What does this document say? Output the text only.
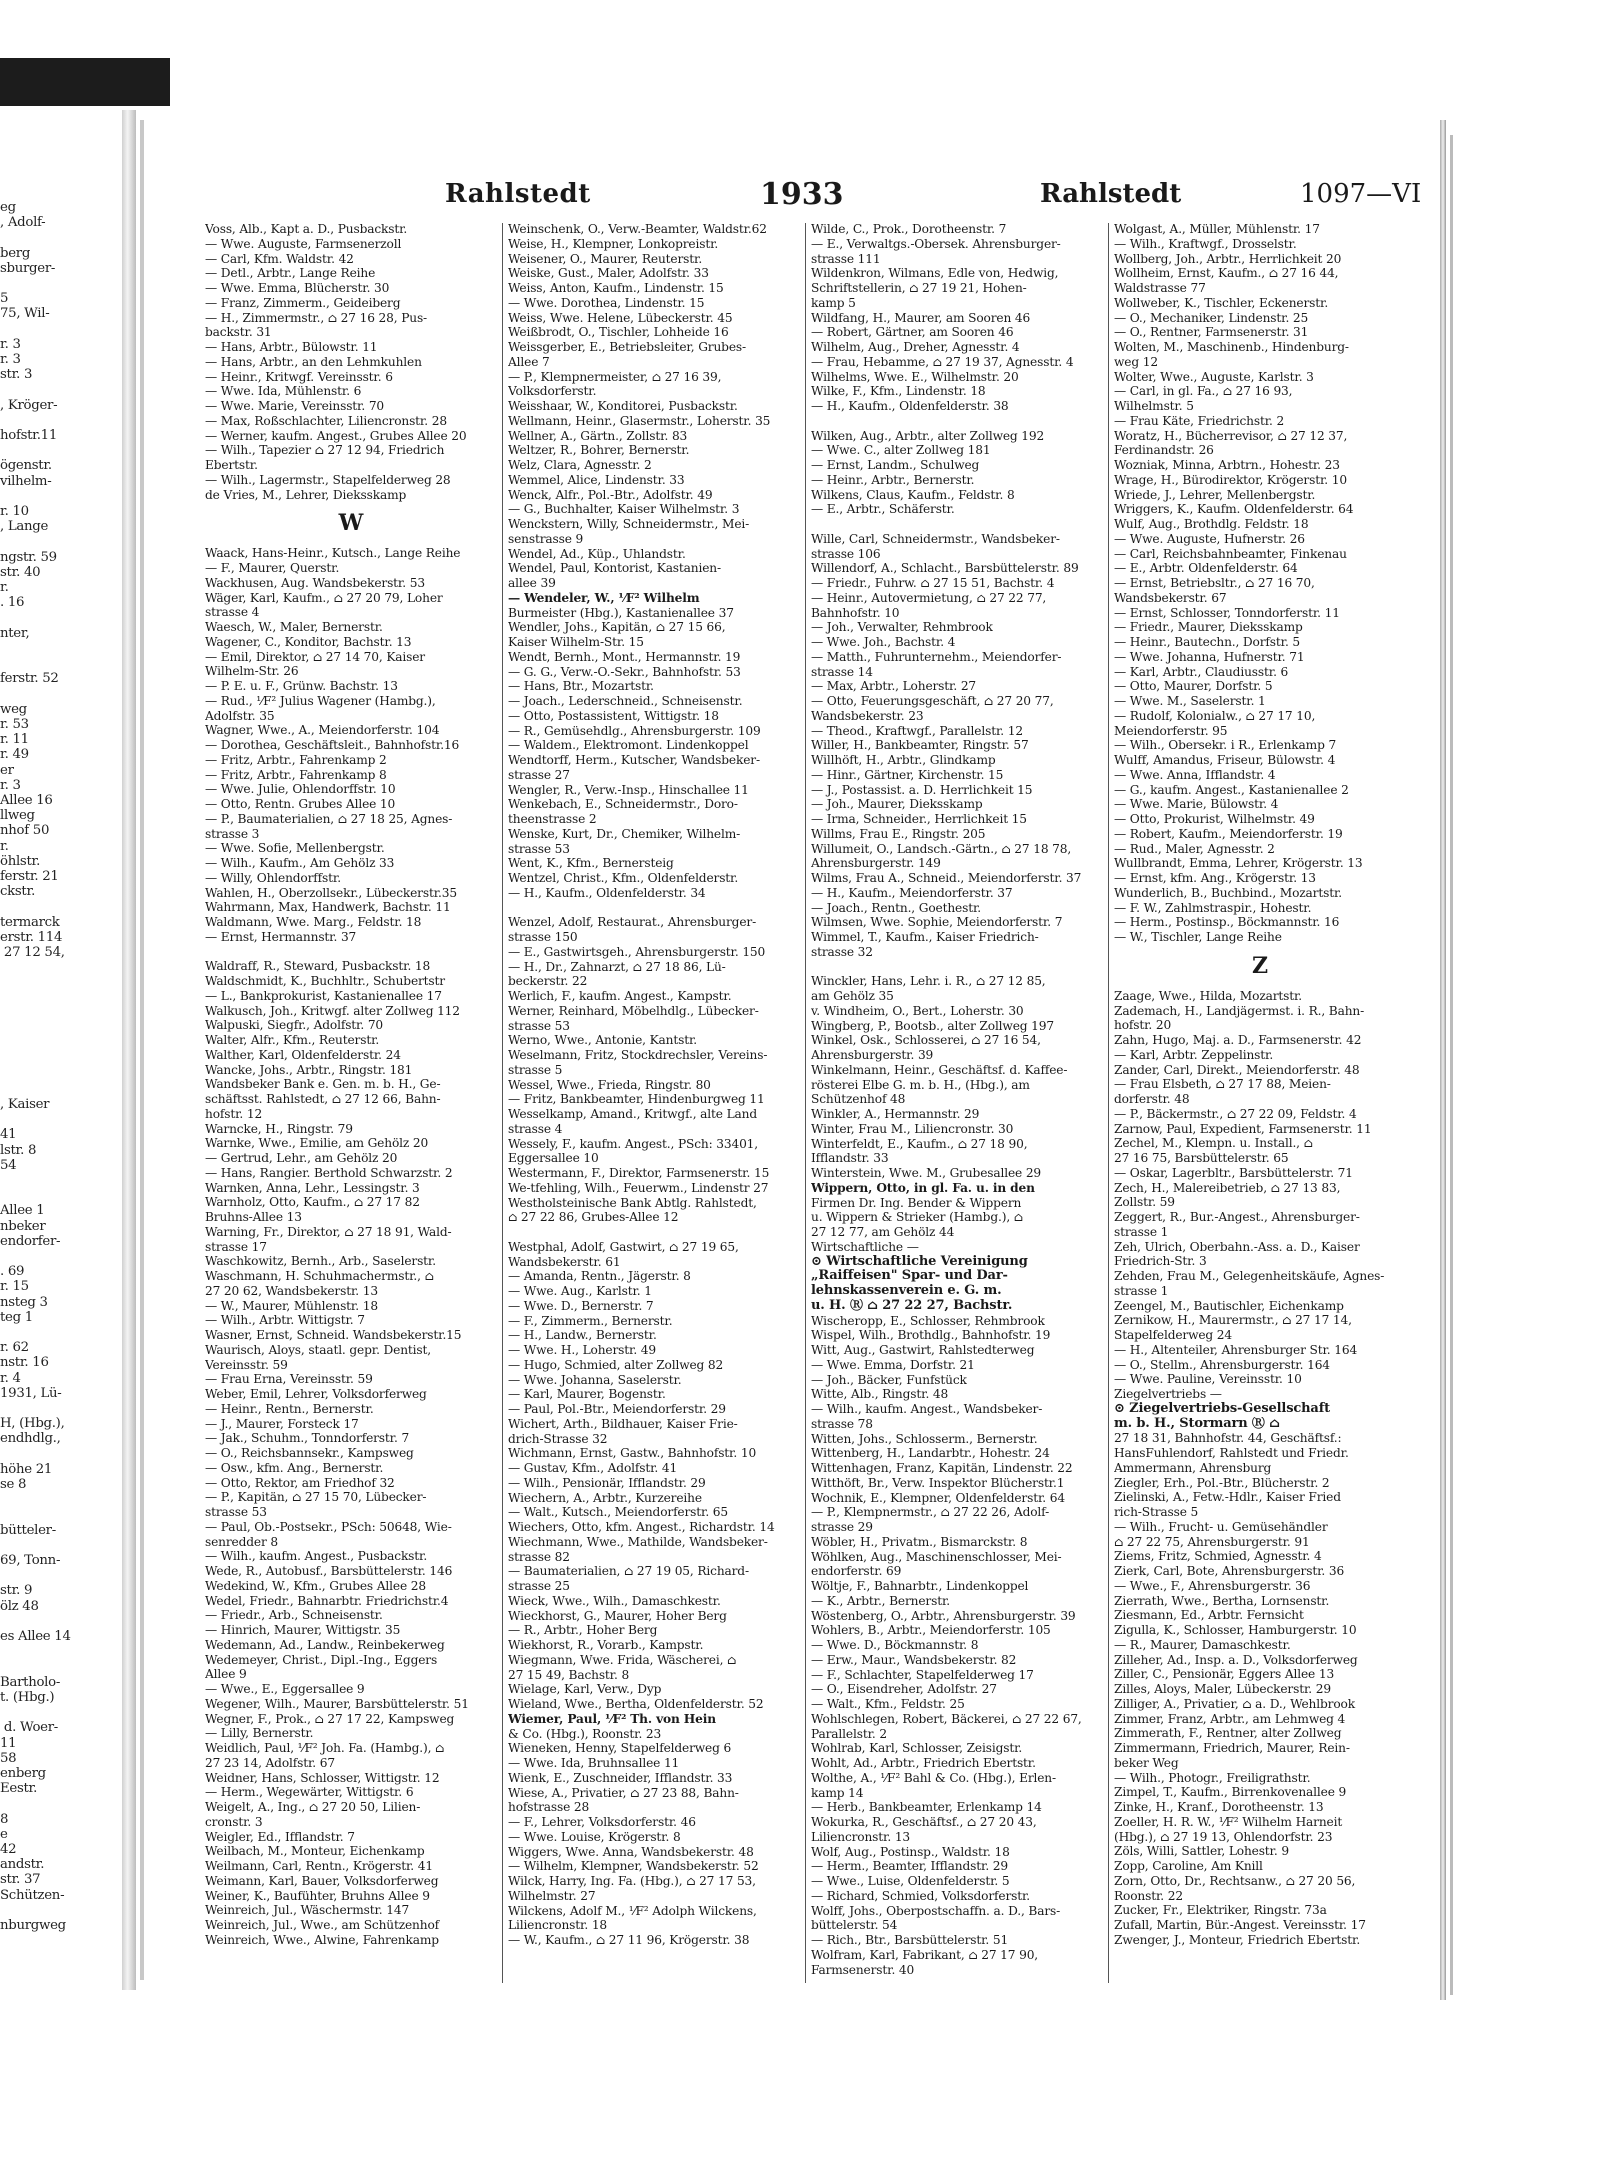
eg
, Adolf-

berg
sburger-

5
75, Wil-

r. 3
r. 3
str. 3

, Kröger-

hofstr.11

ögenstr.
vilhelm-

r. 10
, Lange

ngstr. 59
str. 40
r.
. 16

nter,

ferstr. 52

weg
r. 53
r. 11
r. 49
er
r. 3
Allee 16
llweg
nhof 50
r.
öhlstr.
ferstr. 21
ckstr.

termarck
erstr. 114
27 12 54,

, Kaiser

41
lstr. 8
54

Allee 1
nbeker
endorfer-

. 69
r. 15
nsteg 3
teg 1

r. 62
nstr. 16
r. 4
1931, Lü-

H, (Hbg.),
endhdlg.,

höhe 21
se 8

bütteler-

69, Tonn-

str. 9
ölz 48

es Allee 14

Bartholo-
t. (Hbg.)

d. Woer-
11
58
enberg
Eestr.

8
e
42
andstr.
str. 37
Schützen-

nburgweg
Rahlstedt	1933	Rahlstedt	1097—VI
Voss, Alb., Kapt a. D., Pusbackstr.
— Wwe. Auguste, Farmsenerzoll
— Carl, Kfm. Waldstr. 42
— Detl., Arbtr., Lange Reihe
— Wwe. Emma, Blücherstr. 30
— Franz, Zimmerm., Geideiberg
— H., Zimmermstr., ⌂ 27 16 28, Pus-
backstr. 31
— Hans, Arbtr., Bülowstr. 11
— Hans, Arbtr., an den Lehmkuhlen
— Heinr., Kritwgf. Vereinsstr. 6
— Wwe. Ida, Mühlenstr. 6
— Wwe. Marie, Vereinsstr. 70
— Max, Roßschlachter, Liliencronstr. 28
— Werner, kaufm. Angest., Grubes Allee 20
— Wilh., Tapezier ⌂ 27 12 94, Friedrich
Ebertstr.
— Wilh., Lagermstr., Stapelfelderweg 28
de Vries, M., Lehrer, Dieksskamp
W
Waack, Hans-Heinr., Kutsch., Lange Reihe
— F., Maurer, Querstr.
Wackhusen, Aug. Wandsbekerstr. 53
Wäger, Karl, Kaufm., ⌂ 27 20 79, Loher
strasse 4
Waesch, W., Maler, Bernerstr.
Wagener, C., Konditor, Bachstr. 13
— Emil, Direktor, ⌂ 27 14 70, Kaiser
Wilhelm-Str. 26
— P. E. u. F., Grünw. Bachstr. 13
— Rud., ⅟F² Julius Wagener (Hambg.),
Adolfstr. 35
Wagner, Wwe., A., Meiendorferstr. 104
— Dorothea, Geschäftsleit., Bahnhofstr.16
— Fritz, Arbtr., Fahrenkamp 2
— Fritz, Arbtr., Fahrenkamp 8
— Wwe. Julie, Ohlendorffstr. 10
— Otto, Rentn. Grubes Allee 10
— P., Baumaterialien, ⌂ 27 18 25, Agnes-
strasse 3
— Wwe. Sofie, Mellenbergstr.
— Wilh., Kaufm., Am Gehölz 33
— Willy, Ohlendorffstr.
Wahlen, H., Oberzollsekr., Lübeckerstr.35
Wahrmann, Max, Handwerk, Bachstr. 11
Waldmann, Wwe. Marg., Feldstr. 18
— Ernst, Hermannstr. 37

Waldraff, R., Steward, Pusbackstr. 18
Waldschmidt, K., Buchhltr., Schubertstr
— L., Bankprokurist, Kastanienallee 17
Walkusch, Joh., Kritwgf. alter Zollweg 112
Walpuski, Siegfr., Adolfstr. 70
Walter, Alfr., Kfm., Reuterstr.
Walther, Karl, Oldenfelderstr. 24
Wancke, Johs., Arbtr., Ringstr. 181
Wandsbeker Bank e. Gen. m. b. H., Ge-
schäftsst. Rahlstedt, ⌂ 27 12 66, Bahn-
hofstr. 12
Warncke, H., Ringstr. 79
Warnke, Wwe., Emilie, am Gehölz 20
— Gertrud, Lehr., am Gehölz 20
— Hans, Rangier. Berthold Schwarzstr. 2
Warnken, Anna, Lehr., Lessingstr. 3
Warnholz, Otto, Kaufm., ⌂ 27 17 82
Bruhns-Allee 13
Warning, Fr., Direktor, ⌂ 27 18 91, Wald-
strasse 17
Waschkowitz, Bernh., Arb., Saselerstr.
Waschmann, H. Schuhmachermstr., ⌂
27 20 62, Wandsbekerstr. 13
— W., Maurer, Mühlenstr. 18
— Wilh., Arbtr. Wittigstr. 7
Wasner, Ernst, Schneid. Wandsbekerstr.15
Waurisch, Aloys, staatl. gepr. Dentist,
Vereinsstr. 59
— Frau Erna, Vereinsstr. 59
Weber, Emil, Lehrer, Volksdorferweg
— Heinr., Rentn., Bernerstr.
— J., Maurer, Forsteck 17
— Jak., Schuhm., Tonndorferstr. 7
— O., Reichsbannsekr., Kampsweg
— Osw., kfm. Ang., Bernerstr.
— Otto, Rektor, am Friedhof 32
— P., Kapitän, ⌂ 27 15 70, Lübecker-
strasse 53
— Paul, Ob.-Postsekr., PSch: 50648, Wie-
senredder 8
— Wilh., kaufm. Angest., Pusbackstr.
Wede, R., Autobusf., Barsbüttelerstr. 146
Wedekind, W., Kfm., Grubes Allee 28
Wedel, Friedr., Bahnarbtr. Friedrichstr.4
— Friedr., Arb., Schneisenstr.
— Hinrich, Maurer, Wittigstr. 35
Wedemann, Ad., Landw., Reinbekerweg
Wedemeyer, Christ., Dipl.-Ing., Eggers
Allee 9
— Wwe., E., Eggersallee 9
Wegener, Wilh., Maurer, Barsbüttelerstr. 51
Wegner, F., Prok., ⌂ 27 17 22, Kampsweg
— Lilly, Bernerstr.
Weidlich, Paul, ⅟F² Joh. Fa. (Hambg.), ⌂
27 23 14, Adolfstr. 67
Weidner, Hans, Schlosser, Wittigstr. 12
— Herm., Wegewärter, Wittigstr. 6
Weigelt, A., Ing., ⌂ 27 20 50, Lilien-
cronstr. 3
Weigler, Ed., Ifflandstr. 7
Weilbach, M., Monteur, Eichenkamp
Weilmann, Carl, Rentn., Krögerstr. 41
Weimann, Karl, Bauer, Volksdorferweg
Weiner, K., Baufühter, Bruhns Allee 9
Weinreich, Jul., Wäschermstr. 147
Weinreich, Jul., Wwe., am Schützenhof
Weinreich, Wwe., Alwine, Fahrenkamp
Weinschenk, O., Verw.-Beamter, Waldstr.62
Weise, H., Klempner, Lonkopreistr.
Weisener, O., Maurer, Reuterstr.
Weiske, Gust., Maler, Adolfstr. 33
Weiss, Anton, Kaufm., Lindenstr. 15
— Wwe. Dorothea, Lindenstr. 15
Weiss, Wwe. Helene, Lübeckerstr. 45
Weißbrodt, O., Tischler, Lohheide 16
Weissgerber, E., Betriebsleiter, Grubes-
Allee 7
— P., Klempnermeister, ⌂ 27 16 39,
Volksdorferstr.
Weisshaar, W., Konditorei, Pusbackstr.
Wellmann, Heinr., Glasermstr., Loherstr. 35
Wellner, A., Gärtn., Zollstr. 83
Weltzer, R., Bohrer, Bernerstr.
Welz, Clara, Agnesstr. 2
Wemmel, Alice, Lindenstr. 33
Wenck, Alfr., Pol.-Btr., Adolfstr. 49
— G., Buchhalter, Kaiser Wilhelmstr. 3
Wenckstern, Willy, Schneidermstr., Mei-
senstrasse 9
Wendel, Ad., Küp., Uhlandstr.
Wendel, Paul, Kontorist, Kastanien-
allee 39
— Wendeler, W., ⅟F² Wilhelm
Burmeister (Hbg.), Kastanienallee 37
Wendler, Johs., Kapitän, ⌂ 27 15 66,
Kaiser Wilhelm-Str. 15
Wendt, Bernh., Mont., Hermannstr. 19
— G. G., Verw.-O.-Sekr., Bahnhofstr. 53
— Hans, Btr., Mozartstr.
— Joach., Lederschneid., Schneisenstr.
— Otto, Postassistent, Wittigstr. 18
— R., Gemüsehdlg., Ahrensburgerstr. 109
— Waldem., Elektromont. Lindenkoppel
Wendtorff, Herm., Kutscher, Wandsbeker-
strasse 27
Wengler, R., Verw.-Insp., Hinschallee 11
Wenkebach, E., Schneidermstr., Doro-
theenstrasse 2
Wenske, Kurt, Dr., Chemiker, Wilhelm-
strasse 53
Went, K., Kfm., Bernersteig
Wentzel, Christ., Kfm., Oldenfelderstr.
— H., Kaufm., Oldenfelderstr. 34

Wenzel, Adolf, Restaurat., Ahrensburger-
strasse 150
— E., Gastwirtsgeh., Ahrensburgerstr. 150
— H., Dr., Zahnarzt, ⌂ 27 18 86, Lü-
beckerstr. 22
Werlich, F., kaufm. Angest., Kampstr.
Werner, Reinhard, Möbelhdlg., Lübecker-
strasse 53
Werno, Wwe., Antonie, Kantstr.
Weselmann, Fritz, Stockdrechsler, Vereins-
strasse 5
Wessel, Wwe., Frieda, Ringstr. 80
— Fritz, Bankbeamter, Hindenburgweg 11
Wesselkamp, Amand., Kritwgf., alte Land
strasse 4
Wessely, F., kaufm. Angest., PSch: 33401,
Eggersallee 10
Westermann, F., Direktor, Farmsenerstr. 15
We-tfehling, Wilh., Feuerwm., Lindenstr 27
Westholsteinische Bank Abtlg. Rahlstedt,
⌂ 27 22 86, Grubes-Allee 12

Westphal, Adolf, Gastwirt, ⌂ 27 19 65,
Wandsbekerstr. 61
— Amanda, Rentn., Jägerstr. 8
— Wwe. Aug., Karlstr. 1
— Wwe. D., Bernerstr. 7
— F., Zimmerm., Bernerstr.
— H., Landw., Bernerstr.
— Wwe. H., Loherstr. 49
— Hugo, Schmied, alter Zollweg 82
— Wwe. Johanna, Saselerstr.
— Karl, Maurer, Bogenstr.
— Paul, Pol.-Btr., Meiendorferstr. 29
Wichert, Arth., Bildhauer, Kaiser Frie-
drich-Strasse 32
Wichmann, Ernst, Gastw., Bahnhofstr. 10
— Gustav, Kfm., Adolfstr. 41
— Wilh., Pensionär, Ifflandstr. 29
Wiechern, A., Arbtr., Kurzereihe
— Walt., Kutsch., Meiendorferstr. 65
Wiechers, Otto, kfm. Angest., Richardstr. 14
Wiechmann, Wwe., Mathilde, Wandsbeker-
strasse 82
— Baumaterialien, ⌂ 27 19 05, Richard-
strasse 25
Wieck, Wwe., Wilh., Damaschkestr.
Wieckhorst, G., Maurer, Hoher Berg
— R., Arbtr., Hoher Berg
Wiekhorst, R., Vorarb., Kampstr.
Wiegmann, Wwe. Frida, Wäscherei, ⌂
27 15 49, Bachstr. 8
Wielage, Karl, Verw., Dyp
Wieland, Wwe., Bertha, Oldenfelderstr. 52
Wiemer, Paul, ⅟F² Th. von Hein
& Co. (Hbg.), Roonstr. 23
Wieneken, Henny, Stapelfelderweg 6
— Wwe. Ida, Bruhnsallee 11
Wienk, E., Zuschneider, Ifflandstr. 33
Wiese, A., Privatier, ⌂ 27 23 88, Bahn-
hofstrasse 28
— F., Lehrer, Volksdorferstr. 46
— Wwe. Louise, Krögerstr. 8
Wiggers, Wwe. Anna, Wandsbekerstr. 48
— Wilhelm, Klempner, Wandsbekerstr. 52
Wilck, Harry, Ing. Fa. (Hbg.), ⌂ 27 17 53,
Wilhelmstr. 27
Wilckens, Adolf M., ⅟F² Adolph Wilckens,
Liliencronstr. 18
— W., Kaufm., ⌂ 27 11 96, Krögerstr. 38
Wilde, C., Prok., Dorotheenstr. 7
— E., Verwaltgs.-Obersek. Ahrensburger-
strasse 111
Wildenkron, Wilmans, Edle von, Hedwig,
Schriftstellerin, ⌂ 27 19 21, Hohen-
kamp 5
Wildfang, H., Maurer, am Sooren 46
— Robert, Gärtner, am Sooren 46
Wilhelm, Aug., Dreher, Agnesstr. 4
— Frau, Hebamme, ⌂ 27 19 37, Agnesstr. 4
Wilhelms, Wwe. E., Wilhelmstr. 20
Wilke, F., Kfm., Lindenstr. 18
— H., Kaufm., Oldenfelderstr. 38

Wilken, Aug., Arbtr., alter Zollweg 192
— Wwe. C., alter Zollweg 181
— Ernst, Landm., Schulweg
— Heinr., Arbtr., Bernerstr.
Wilkens, Claus, Kaufm., Feldstr. 8
— E., Arbtr., Schäferstr.

Wille, Carl, Schneidermstr., Wandsbeker-
strasse 106
Willendorf, A., Schlacht., Barsbüttelerstr. 89
— Friedr., Fuhrw. ⌂ 27 15 51, Bachstr. 4
— Heinr., Autovermietung, ⌂ 27 22 77,
Bahnhofstr. 10
— Joh., Verwalter, Rehmbrook
— Wwe. Joh., Bachstr. 4
— Matth., Fuhrunternehm., Meiendorfer-
strasse 14
— Max, Arbtr., Loherstr. 27
— Otto, Feuerungsgeschäft, ⌂ 27 20 77,
Wandsbekerstr. 23
— Theod., Kraftwgf., Parallelstr. 12
Willer, H., Bankbeamter, Ringstr. 57
Willhöft, H., Arbtr., Glindkamp
— Hinr., Gärtner, Kirchenstr. 15
— J., Postassist. a. D. Herrlichkeit 15
— Joh., Maurer, Dieksskamp
— Irma, Schneider., Herrlichkeit 15
Willms, Frau E., Ringstr. 205
Willumeit, O., Landsch.-Gärtn., ⌂ 27 18 78,
Ahrensburgerstr. 149
Wilms, Frau A., Schneid., Meiendorferstr. 37
— H., Kaufm., Meiendorferstr. 37
— Joach., Rentn., Goethestr.
Wilmsen, Wwe. Sophie, Meiendorferstr. 7
Wimmel, T., Kaufm., Kaiser Friedrich-
strasse 32

Winckler, Hans, Lehr. i. R., ⌂ 27 12 85,
am Gehölz 35
v. Windheim, O., Bert., Loherstr. 30
Wingberg, P., Bootsb., alter Zollweg 197
Winkel, Osk., Schlosserei, ⌂ 27 16 54,
Ahrensburgerstr. 39
Winkelmann, Heinr., Geschäftsf. d. Kaffee-
rösterei Elbe G. m. b. H., (Hbg.), am
Schützenhof 48
Winkler, A., Hermannstr. 29
Winter, Frau M., Liliencronstr. 30
Winterfeldt, E., Kaufm., ⌂ 27 18 90,
Ifflandstr. 33
Winterstein, Wwe. M., Grubesallee 29
Wippern, Otto, in gl. Fa. u. in den
Firmen Dr. Ing. Bender & Wippern
u. Wippern & Strieker (Hambg.), ⌂
27 12 77, am Gehölz 44
Wirtschaftliche —
⊙ Wirtschaftliche Vereinigung
„Raiffeisen" Spar- und Dar-
lehnskassenverein e. G. m.
u. H. Ⓡ ⌂ 27 22 27, Bachstr.
Wischeropp, E., Schlosser, Rehmbrook
Wispel, Wilh., Brothdlg., Bahnhofstr. 19
Witt, Aug., Gastwirt, Rahlstedterweg
— Wwe. Emma, Dorfstr. 21
— Joh., Bäcker, Funfstück
Witte, Alb., Ringstr. 48
— Wilh., kaufm. Angest., Wandsbeker-
strasse 78
Witten, Johs., Schlosserm., Bernerstr.
Wittenberg, H., Landarbtr., Hohestr. 24
Wittenhagen, Franz, Kapitän, Lindenstr. 22
Witthöft, Br., Verw. Inspektor Blücherstr.1
Wochnik, E., Klempner, Oldenfelderstr. 64
— P., Klempnermstr., ⌂ 27 22 26, Adolf-
strasse 29
Wöbler, H., Privatm., Bismarckstr. 8
Wöhlken, Aug., Maschinenschlosser, Mei-
endorferstr. 69
Wöltje, F., Bahnarbtr., Lindenkoppel
— K., Arbtr., Bernerstr.
Wöstenberg, O., Arbtr., Ahrensburgerstr. 39
Wohlers, B., Arbtr., Meiendorferstr. 105
— Wwe. D., Böckmannstr. 8
— Erw., Maur., Wandsbekerstr. 82
— F., Schlachter, Stapelfelderweg 17
— O., Eisendreher, Adolfstr. 27
— Walt., Kfm., Feldstr. 25
Wohlschlegen, Robert, Bäckerei, ⌂ 27 22 67,
Parallelstr. 2
Wohlrab, Karl, Schlosser, Zeisigstr.
Wohlt, Ad., Arbtr., Friedrich Ebertstr.
Wolthe, A., ⅟F² Bahl & Co. (Hbg.), Erlen-
kamp 14
— Herb., Bankbeamter, Erlenkamp 14
Wokurka, R., Geschäftsf., ⌂ 27 20 43,
Liliencronstr. 13
Wolf, Aug., Postinsp., Waldstr. 18
— Herm., Beamter, Ifflandstr. 29
— Wwe., Luise, Oldenfelderstr. 5
— Richard, Schmied, Volksdorferstr.
Wolff, Johs., Oberpostschaffn. a. D., Bars-
büttelerstr. 54
— Rich., Btr., Barsbüttelerstr. 51
Wolfram, Karl, Fabrikant, ⌂ 27 17 90,
Farmsenerstr. 40
Wolgast, A., Müller, Mühlenstr. 17
— Wilh., Kraftwgf., Drosselstr.
Wollberg, Joh., Arbtr., Herrlichkeit 20
Wollheim, Ernst, Kaufm., ⌂ 27 16 44,
Waldstrasse 77
Wollweber, K., Tischler, Eckenerstr.
— O., Mechaniker, Lindenstr. 25
— O., Rentner, Farmsenerstr. 31
Wolten, M., Maschinenb., Hindenburg-
weg 12
Wolter, Wwe., Auguste, Karlstr. 3
— Carl, in gl. Fa., ⌂ 27 16 93,
Wilhelmstr. 5
— Frau Käte, Friedrichstr. 2
Woratz, H., Bücherrevisor, ⌂ 27 12 37,
Ferdinandstr. 26
Wozniak, Minna, Arbtrn., Hohestr. 23
Wrage, H., Bürodirektor, Krögerstr. 10
Wriede, J., Lehrer, Mellenbergstr.
Wriggers, K., Kaufm. Oldenfelderstr. 64
Wulf, Aug., Brothdlg. Feldstr. 18
— Wwe. Auguste, Hufnerstr. 26
— Carl, Reichsbahnbeamter, Finkenau
— E., Arbtr. Oldenfelderstr. 64
— Ernst, Betriebsltr., ⌂ 27 16 70,
Wandsbekerstr. 67
— Ernst, Schlosser, Tonndorferstr. 11
— Friedr., Maurer, Dieksskamp
— Heinr., Bautechn., Dorfstr. 5
— Wwe. Johanna, Hufnerstr. 71
— Karl, Arbtr., Claudiusstr. 6
— Otto, Maurer, Dorfstr. 5
— Wwe. M., Saselerstr. 1
— Rudolf, Kolonialw., ⌂ 27 17 10,
Meiendorferstr. 95
— Wilh., Obersekr. i R., Erlenkamp 7
Wulff, Amandus, Friseur, Bülowstr. 4
— Wwe. Anna, Ifflandstr. 4
— G., kaufm. Angest., Kastanienallee 2
— Wwe. Marie, Bülowstr. 4
— Otto, Prokurist, Wilhelmstr. 49
— Robert, Kaufm., Meiendorferstr. 19
— Rud., Maler, Agnesstr. 2
Wullbrandt, Emma, Lehrer, Krögerstr. 13
— Ernst, kfm. Ang., Krögerstr. 13
Wunderlich, B., Buchbind., Mozartstr.
— F. W., Zahlmstraspir., Hohestr.
— Herm., Postinsp., Böckmannstr. 16
— W., Tischler, Lange Reihe
Z
Zaage, Wwe., Hilda, Mozartstr.
Zademach, H., Landjägermst. i. R., Bahn-
hofstr. 20
Zahn, Hugo, Maj. a. D., Farmsenerstr. 42
— Karl, Arbtr. Zeppelinstr.
Zander, Carl, Direkt., Meiendorferstr. 48
— Frau Elsbeth, ⌂ 27 17 88, Meien-
dorferstr. 48
— P., Bäckermstr., ⌂ 27 22 09, Feldstr. 4
Zarnow, Paul, Expedient, Farmsenerstr. 11
Zechel, M., Klempn. u. Install., ⌂
27 16 75, Barsbüttelerstr. 65
— Oskar, Lagerbltr., Barsbüttelerstr. 71
Zech, H., Malereibetrieb, ⌂ 27 13 83,
Zollstr. 59
Zeggert, R., Bur.-Angest., Ahrensburger-
strasse 1
Zeh, Ulrich, Oberbahn.-Ass. a. D., Kaiser
Friedrich-Str. 3
Zehden, Frau M., Gelegenheitskäufe, Agnes-
strasse 1
Zeengel, M., Bautischler, Eichenkamp
Zernikow, H., Maurermstr., ⌂ 27 17 14,
Stapelfelderweg 24
— H., Altenteiler, Ahrensburger Str. 164
— O., Stellm., Ahrensburgerstr. 164
— Wwe. Pauline, Vereinsstr. 10
Ziegelvertriebs —
⊙ Ziegelvertriebs-Gesellschaft
m. b. H., Stormarn Ⓡ ⌂
27 18 31, Bahnhofstr. 44, Geschäftsf.:
HansFuhlendorf, Rahlstedt und Friedr.
Ammermann, Ahrensburg
Ziegler, Erh., Pol.-Btr., Blücherstr. 2
Zielinski, A., Fetw.-Hdlr., Kaiser Fried
rich-Strasse 5
— Wilh., Frucht- u. Gemüsehändler
⌂ 27 22 75, Ahrensburgerstr. 91
Ziems, Fritz, Schmied, Agnesstr. 4
Zierk, Carl, Bote, Ahrensburgerstr. 36
— Wwe., F., Ahrensburgerstr. 36
Zierrath, Wwe., Bertha, Lornsenstr.
Ziesmann, Ed., Arbtr. Fernsicht
Zigulla, K., Schlosser, Hamburgerstr. 10
— R., Maurer, Damaschkestr.
Zilleher, Ad., Insp. a. D., Volksdorferweg
Ziller, C., Pensionär, Eggers Allee 13
Zilles, Aloys, Maler, Lübeckerstr. 29
Zilliger, A., Privatier, ⌂ a. D., Wehlbrook
Zimmer, Franz, Arbtr., am Lehmweg 4
Zimmerath, F., Rentner, alter Zollweg
Zimmermann, Friedrich, Maurer, Rein-
beker Weg
— Wilh., Photogr., Freiligrathstr.
Zimpel, T., Kaufm., Birrenkovenallee 9
Zinke, H., Kranf., Dorotheenstr. 13
Zoeller, H. R. W., ⅟F² Wilhelm Harneit
(Hbg.), ⌂ 27 19 13, Ohlendorfstr. 23
Zöls, Willi, Sattler, Lohestr. 9
Zopp, Caroline, Am Knill
Zorn, Otto, Dr., Rechtsanw., ⌂ 27 20 56,
Roonstr. 22
Zucker, Fr., Elektriker, Ringstr. 73a
Zufall, Martin, Bür.-Angest. Vereinsstr. 17
Zwenger, J., Monteur, Friedrich Ebertstr.
